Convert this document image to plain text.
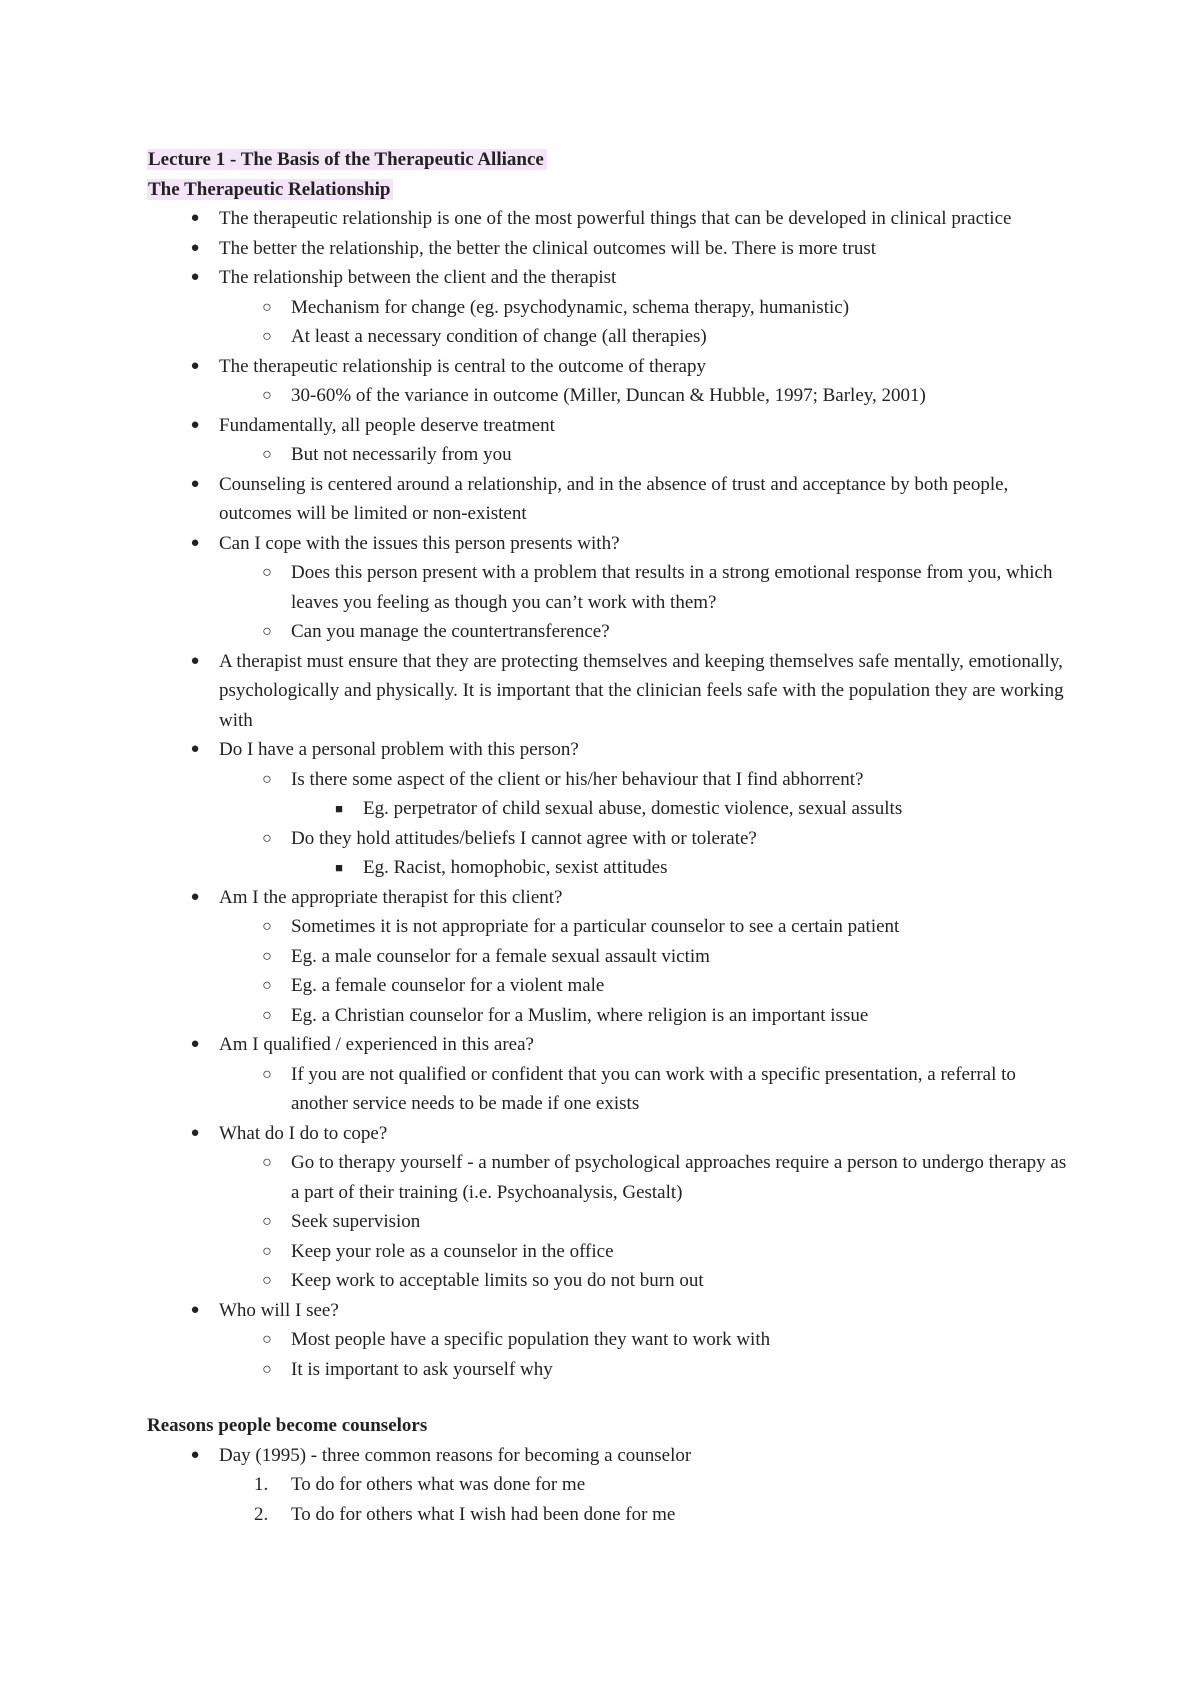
Lecture 1 - The Basis of the Therapeutic Alliance
The Therapeutic Relationship
● The therapeutic relationship is one of the most powerful things that can be developed in clinical practice
● The better the relationship, the better the clinical outcomes will be. There is more trust
● The relationship between the client and the therapist
○ Mechanism for change (eg. psychodynamic, schema therapy, humanistic)
○ At least a necessary condition of change (all therapies)
● The therapeutic relationship is central to the outcome of therapy
○ 30-60% of the variance in outcome (Miller, Duncan & Hubble, 1997; Barley, 2001)
● Fundamentally, all people deserve treatment
○ But not necessarily from you
● Counseling is centered around a relationship, and in the absence of trust and acceptance by both people, outcomes will be limited or non-existent
● Can I cope with the issues this person presents with?
○ Does this person present with a problem that results in a strong emotional response from you, which leaves you feeling as though you can’t work with them?
○ Can you manage the countertransference?
● A therapist must ensure that they are protecting themselves and keeping themselves safe mentally, emotionally, psychologically and physically. It is important that the clinician feels safe with the population they are working with
● Do I have a personal problem with this person?
○ Is there some aspect of the client or his/her behaviour that I find abhorrent?
■	Eg. perpetrator of child sexual abuse, domestic violence, sexual assults
○ Do they hold attitudes/beliefs I cannot agree with or tolerate?
■	Eg. Racist, homophobic, sexist attitudes
● Am I the appropriate therapist for this client?
○ Sometimes it is not appropriate for a particular counselor to see a certain patient
○ Eg. a male counselor for a female sexual assault victim
○ Eg. a female counselor for a violent male
○ Eg. a Christian counselor for a Muslim, where religion is an important issue
● Am I qualified / experienced in this area?
○ If you are not qualified or confident that you can work with a specific presentation, a referral to another service needs to be made if one exists
● What do I do to cope?
○ Go to therapy yourself - a number of psychological approaches require a person to undergo therapy as a part of their training (i.e. Psychoanalysis, Gestalt)
○ Seek supervision
○ Keep your role as a counselor in the office
○ Keep work to acceptable limits so you do not burn out
● Who will I see?
○ Most people have a specific population they want to work with
○ It is important to ask yourself why
Reasons people become counselors
● Day (1995) - three common reasons for becoming a counselor
1.	To do for others what was done for me
2.	To do for others what I wish had been done for me
